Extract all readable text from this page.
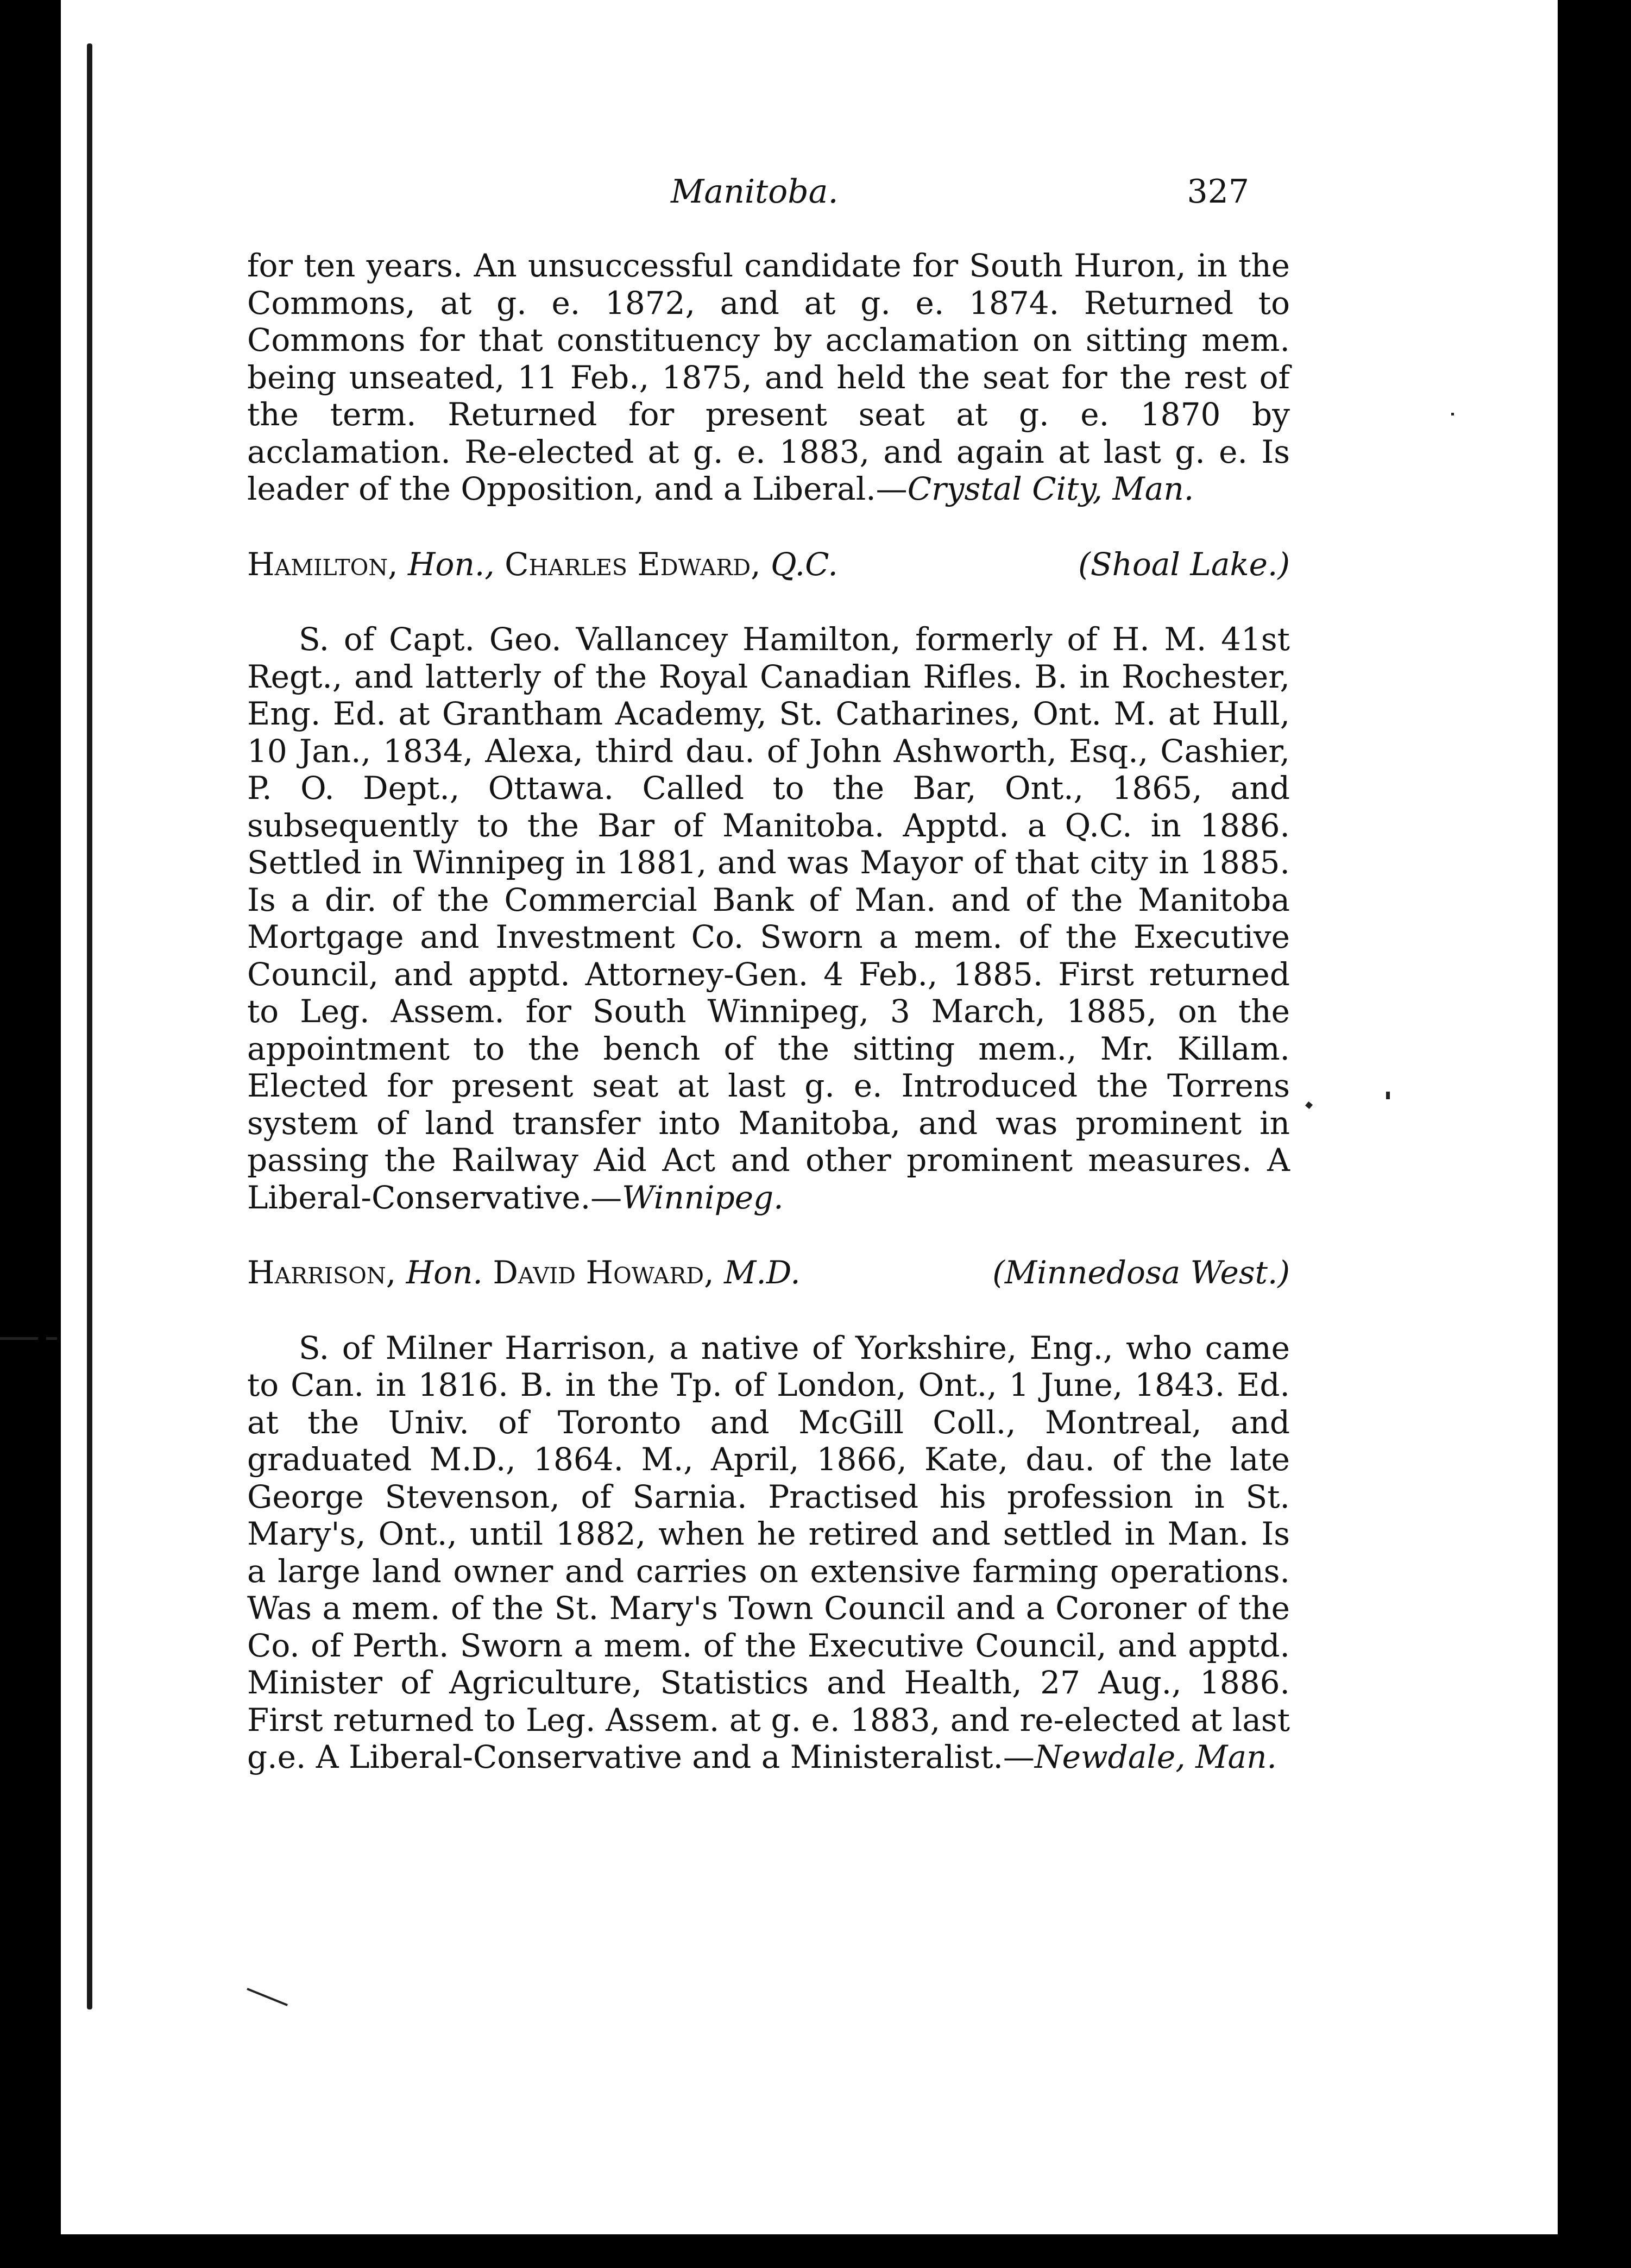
Manitoba.	327

for ten years. An unsuccessful candidate for South Huron, in the Commons, at g. e. 1872, and at g. e. 1874. Returned to Commons for that constituency by acclamation on sitting mem. being unseated, 11 Feb., 1875, and held the seat for the rest of the term. Returned for present seat at g. e. 1870 by acclamation. Re-elected at g. e. 1883, and again at last g. e. Is leader of the Opposition, and a Liberal.—Crystal City, Man.

Hamilton, Hon., Charles Edward, Q.C.	(Shoal Lake.)

S. of Capt. Geo. Vallancey Hamilton, formerly of H. M. 41st Regt., and latterly of the Royal Canadian Rifles. B. in Rochester, Eng. Ed. at Grantham Academy, St. Catharines, Ont. M. at Hull, 10 Jan., 1834, Alexa, third dau. of John Ashworth, Esq., Cashier, P. O. Dept., Ottawa. Called to the Bar, Ont., 1865, and subsequently to the Bar of Manitoba. Apptd. a Q.C. in 1886. Settled in Winnipeg in 1881, and was Mayor of that city in 1885. Is a dir. of the Commercial Bank of Man. and of the Manitoba Mortgage and Investment Co. Sworn a mem. of the Executive Council, and apptd. Attorney-Gen. 4 Feb., 1885. First returned to Leg. Assem. for South Winnipeg, 3 March, 1885, on the appointment to the bench of the sitting mem., Mr. Killam. Elected for present seat at last g. e. Introduced the Torrens system of land transfer into Manitoba, and was prominent in passing the Railway Aid Act and other prominent measures. A Liberal-Conservative.—Winnipeg.

Harrison, Hon. David Howard, M.D.	(Minnedosa West.)

S. of Milner Harrison, a native of Yorkshire, Eng., who came to Can. in 1816. B. in the Tp. of London, Ont., 1 June, 1843. Ed. at the Univ. of Toronto and McGill Coll., Montreal, and graduated M.D., 1864. M., April, 1866, Kate, dau. of the late George Stevenson, of Sarnia. Practised his profession in St. Mary's, Ont., until 1882, when he retired and settled in Man. Is a large land owner and carries on extensive farming operations. Was a mem. of the St. Mary's Town Council and a Coroner of the Co. of Perth. Sworn a mem. of the Executive Council, and apptd. Minister of Agriculture, Statistics and Health, 27 Aug., 1886. First returned to Leg. Assem. at g. e. 1883, and re-elected at last g.e. A Liberal-Conservative and a Ministeralist.—Newdale, Man.
